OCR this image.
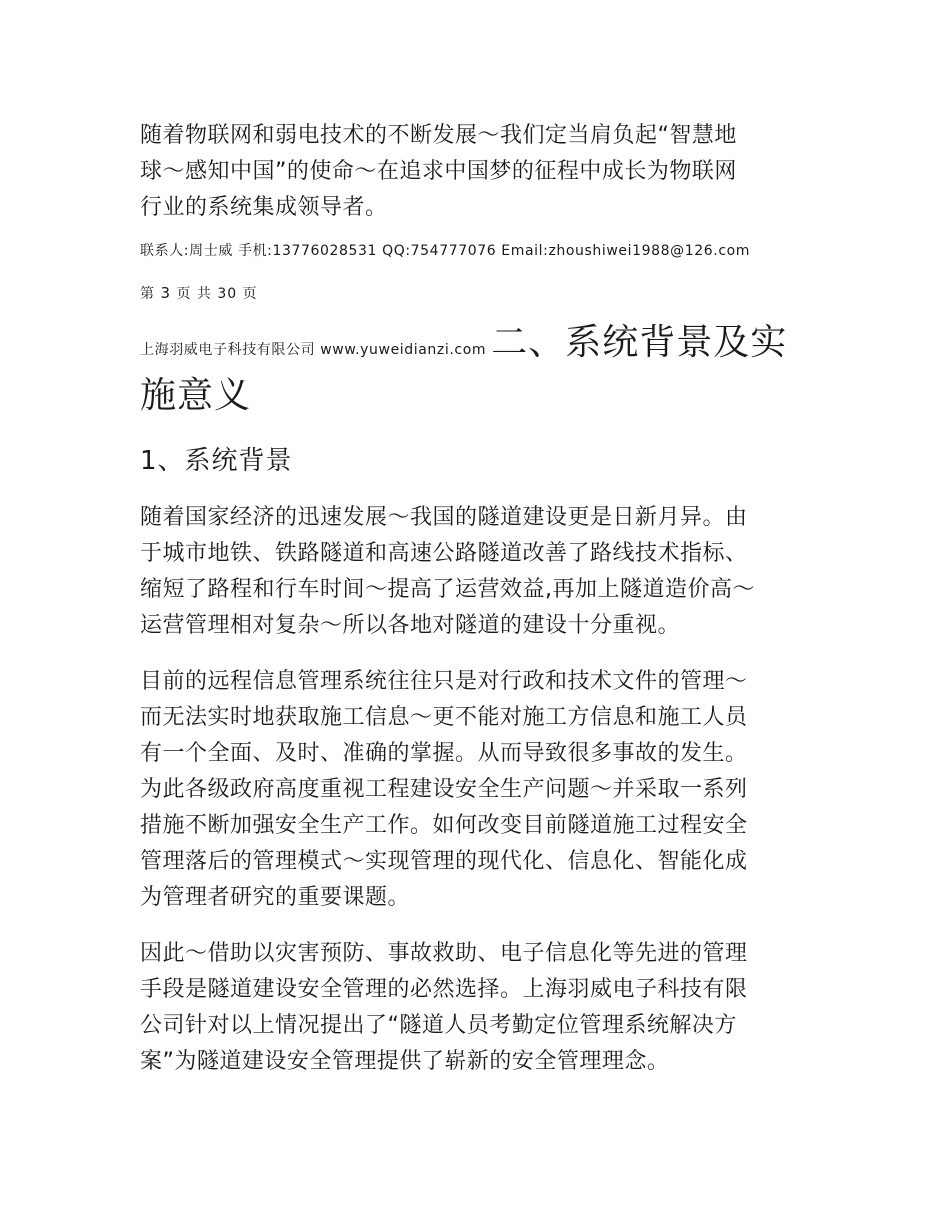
随着物联网和弱电技术的不断发展～我们定当肩负起“智慧地
球～感知中国”的使命～在追求中国梦的征程中成长为物联网
行业的系统集成领导者。

联系人:周士威 手机:13776028531 QQ:754777076 Email:zhoushiwei1988@126.com
第 3 页 共 30 页
上海羽威电子科技有限公司 www.yuweidianzi.com 二、系统背景及实
施意义
1、系统背景

随着国家经济的迅速发展～我国的隧道建设更是日新月异。由
于城市地铁、铁路隧道和高速公路隧道改善了路线技术指标、
缩短了路程和行车时间～提高了运营效益,再加上隧道造价高～
运营管理相对复杂～所以各地对隧道的建设十分重视。

目前的远程信息管理系统往往只是对行政和技术文件的管理～
而无法实时地获取施工信息～更不能对施工方信息和施工人员
有一个全面、及时、准确的掌握。从而导致很多事故的发生。
为此各级政府高度重视工程建设安全生产问题～并采取一系列
措施不断加强安全生产工作。如何改变目前隧道施工过程安全
管理落后的管理模式～实现管理的现代化、信息化、智能化成
为管理者研究的重要课题。

因此～借助以灾害预防、事故救助、电子信息化等先进的管理
手段是隧道建设安全管理的必然选择。上海羽威电子科技有限
公司针对以上情况提出了“隧道人员考勤定位管理系统解决方
案”为隧道建设安全管理提供了崭新的安全管理理念。
